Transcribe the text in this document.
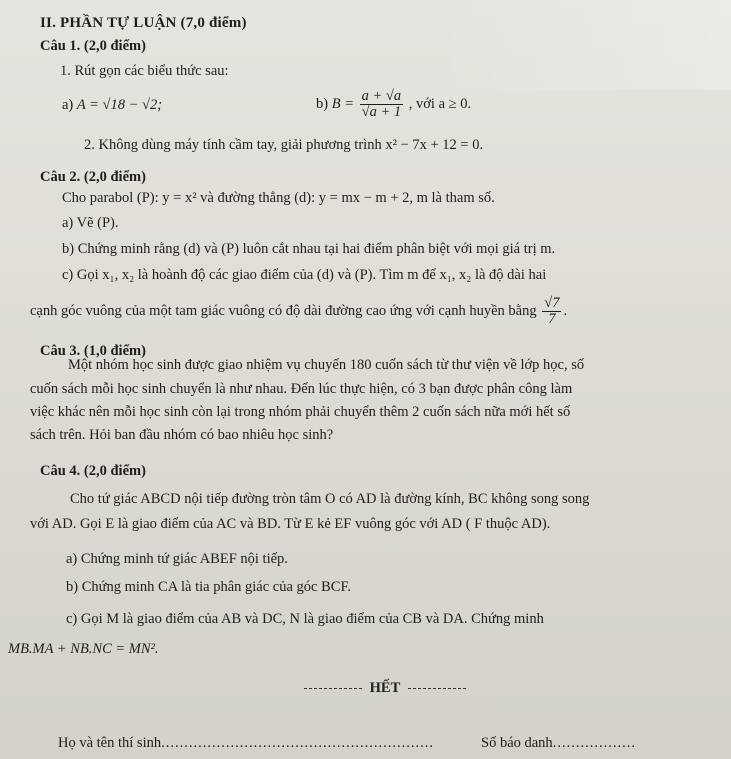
II. PHẦN TỰ LUẬN (7,0 điểm)
Câu 1. (2,0 điểm)
1. Rút gọn các biểu thức sau:
a) A = √18 − √2;	b) $B = \frac{a + √a}{√a + 1}$ , với a ≥ 0.
2. Không dùng máy tính cầm tay, giải phương trình x² − 7x + 12 = 0.
Câu 2. (2,0 điểm)
Cho parabol (P): y = x² và đường thẳng (d): y = mx − m + 2, m là tham số.
a) Vẽ (P).
b) Chứng minh rằng (d) và (P) luôn cắt nhau tại hai điểm phân biệt với mọi giá trị m.
c) Gọi x₁, x₂ là hoành độ các giao điểm của (d) và (P). Tìm m để x₁, x₂ là độ dài hai
cạnh góc vuông của một tam giác vuông có độ dài đường cao ứng với cạnh huyền bằng $\frac{√7}{7}$ .
Câu 3. (1,0 điểm)
Một nhóm học sinh được giao nhiệm vụ chuyển 180 cuốn sách từ thư viện về lớp học, số
cuốn sách mỗi học sinh chuyển là như nhau. Đến lúc thực hiện, có 3 bạn được phân công làm
việc khác nên mỗi học sinh còn lại trong nhóm phải chuyển thêm 2 cuốn sách nữa mới hết số
sách trên. Hỏi ban đầu nhóm có bao nhiêu học sinh?
Câu 4. (2,0 điểm)
Cho tứ giác ABCD nội tiếp đường tròn tâm O có AD là đường kính, BC không song song
với AD. Gọi E là giao điểm của AC và BD. Từ E kẻ EF vuông góc với AD ( F thuộc AD).
a) Chứng minh tứ giác ABEF nội tiếp.
b) Chứng minh CA là tia phân giác của góc BCF.
c) Gọi M là giao điểm của AB và DC, N là giao điểm của CB và DA. Chứng minh
MB.MA + NB.NC = MN².
HẾT
Họ và tên thí sinh...........................................................	Số báo danh..................
